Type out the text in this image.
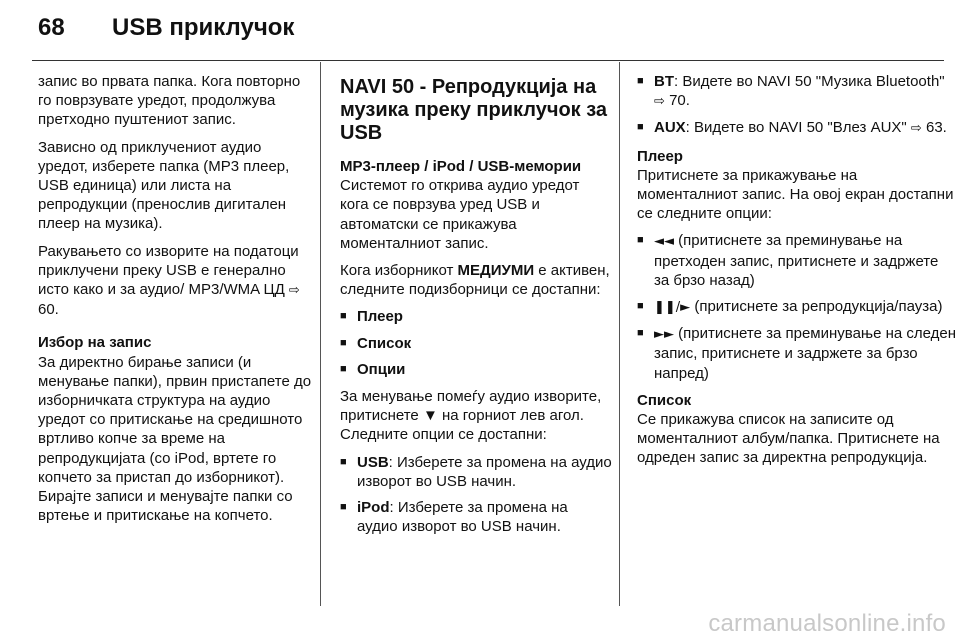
68 USB приклучок

запис во првата папка. Кога повторно го поврзувате уредот, продолжува претходно пуштениот запис.

Зависно од приклучениот аудио уредот, изберете папка (MP3 плеер, USB единица) или листа на репродукции (преносли​в дигитален плеер на музика).

Ракувањето со изворите на податоци приклучени преку USB е генерално исто како и за аудио/ MP3/WMA ЦД ⇨ 60.

Избор на запис

За директно бирање записи (и менување папки), првин пристапете до изборничката структура на аудио уредот со притискање на средишното вртливо копче за време на репродукцијата (со iPod, вртете го копчето за пристап до изборникот). Бирајте записи и менувајте папки со вртење и притискање на копчето.

NAVI 50 - Репродукција на музика преку приклучок за USB
MP3-плеер / iPod / USB-мемории

Системот го открива аудио уредот кога се поврзува уред USB и автоматски се прикажува моменталниот запис.

Кога изборникот МЕДИУМИ е активен, следните подизборници се достапни:

■ Плеер
■ Список
■ Опции

За менување помеѓу аудио изворите, притиснете ▼ на горниот лев агол. Следните опции се достапни:

■ USB: Изберете за промена на аудио изворот во USB начин.
■ iPod: Изберете за промена на аудио изворот во USB начин.
■ BT: Видете во NAVI 50 "Музика Bluetooth" ⇨ 70.
■ AUX: Видете во NAVI 50 "Влез AUX" ⇨ 63.
Плеер

Притиснете за прикажување на моменталниот запис. На овој екран достапни се следните опции:

■ ◄◄ (притиснете за преминување на претходен запис, притиснете и задржете за брзо назад)
■ ❚❚/► (притиснете за репродукција/пауза)
■ ►► (притиснете за преминување на следен запис, притиснете и задржете за брзо напред)
Список

Се прикажува список на записите од моменталниот албум/папка. Притиснете на одреден запис за директна репродукција.

carmanualsonline.info
